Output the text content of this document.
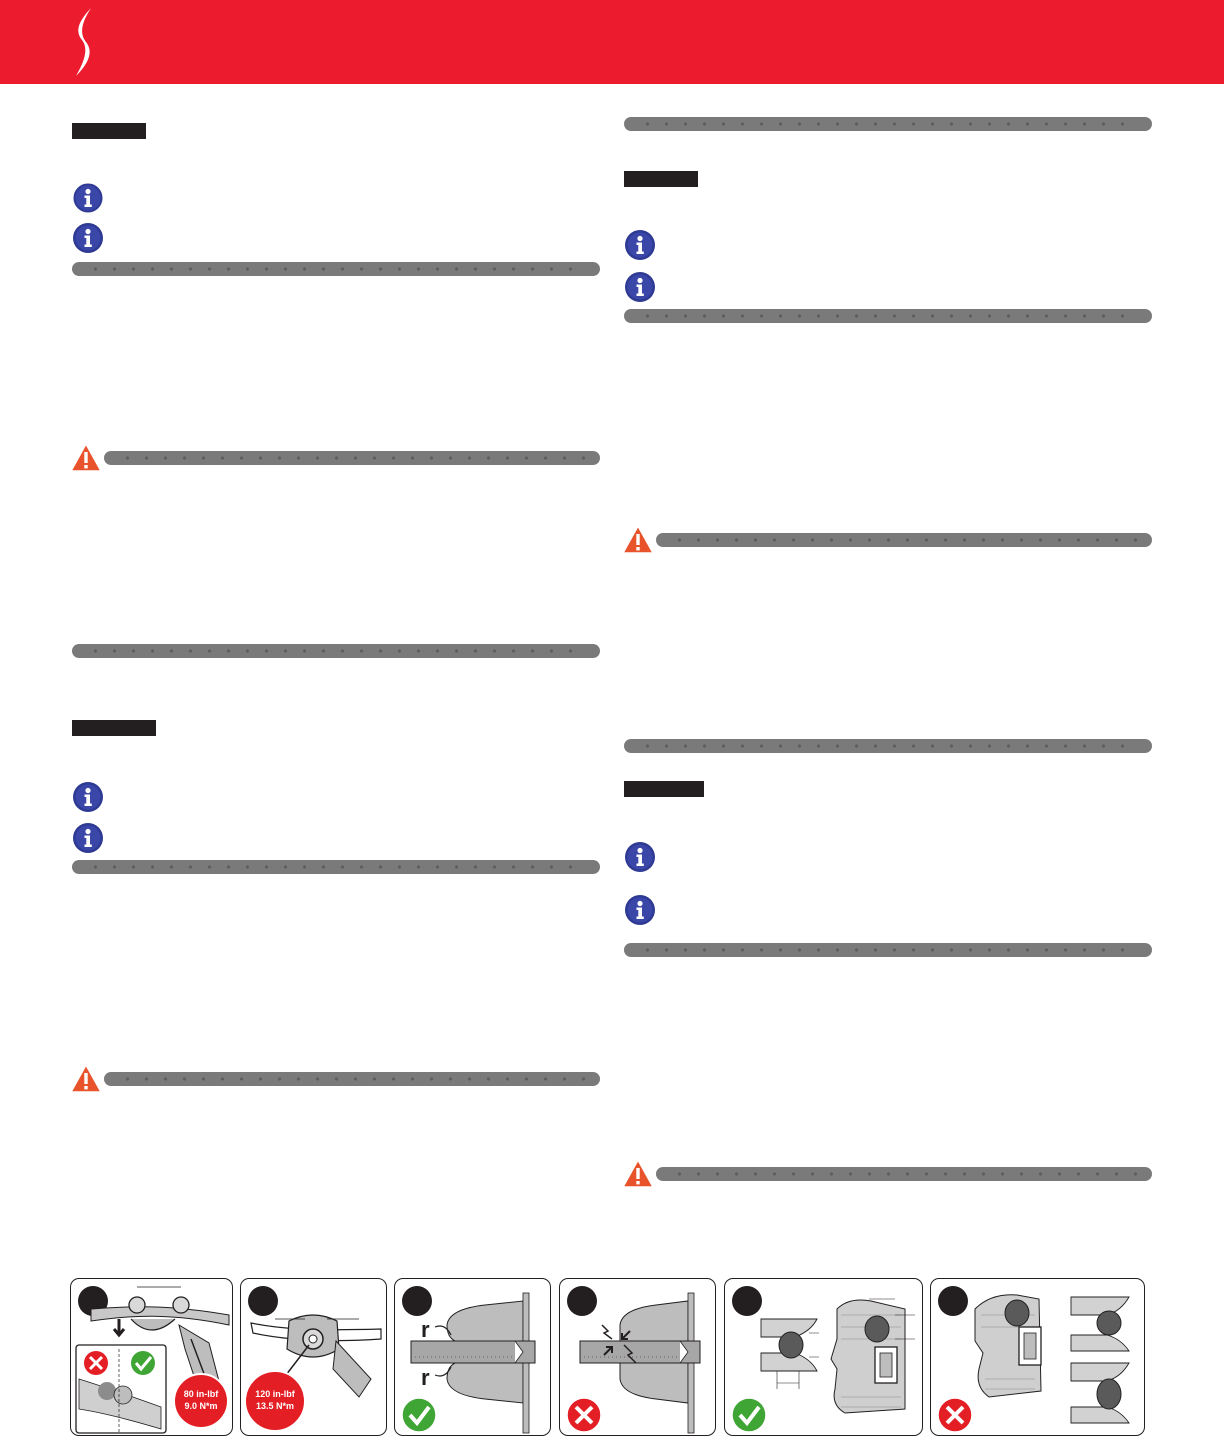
80 in-lbf
9.0 N*m
120 in-lbf
13.5 N*m
r
r
